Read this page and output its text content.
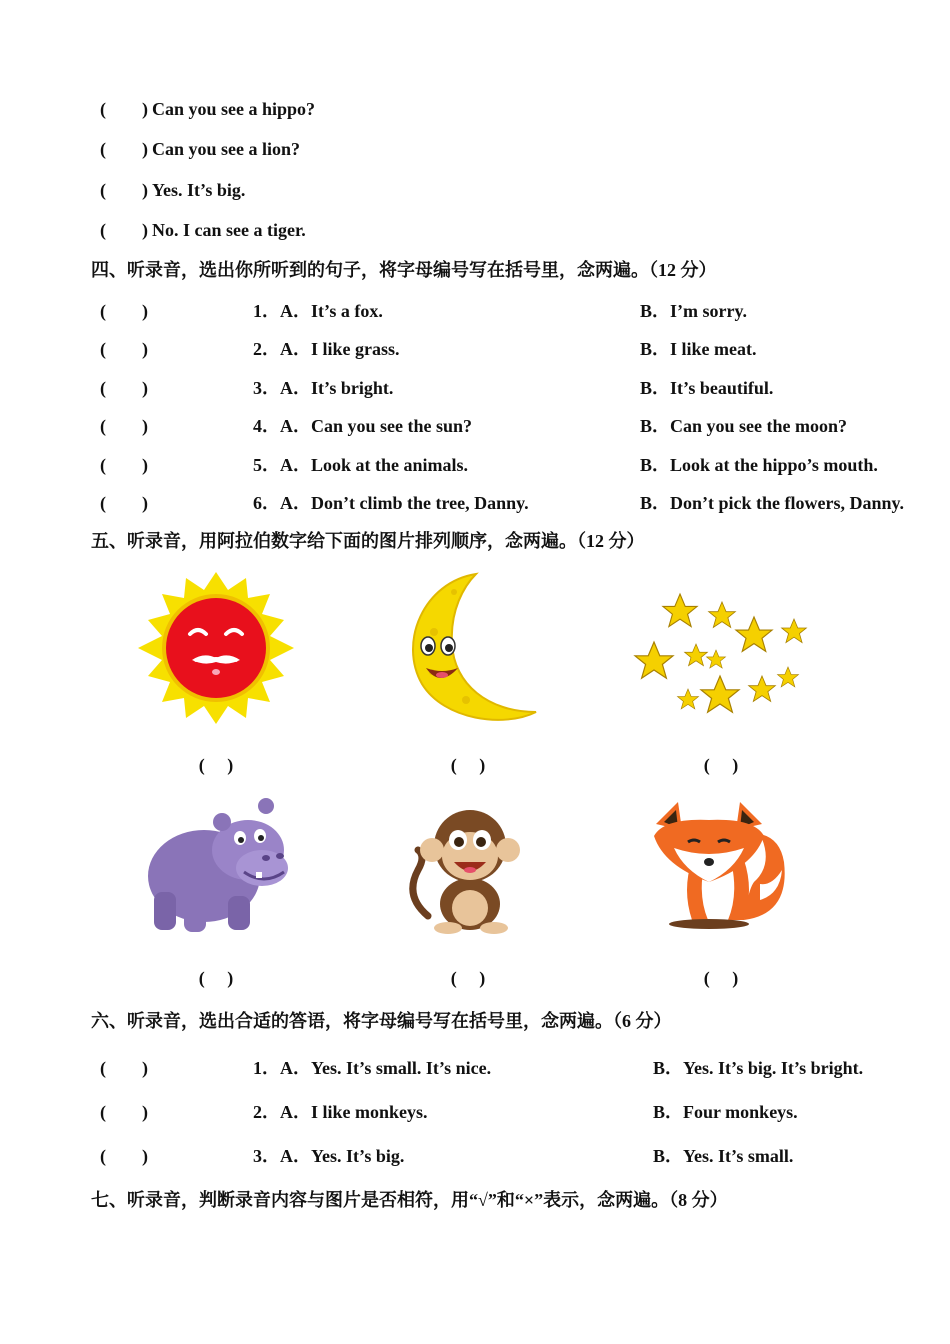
(　　) Can you see a hippo?
(　　) Can you see a lion?
(　　) Yes. It’s big.
(　　) No. I can see a tiger.
四、听录音，选出你所听到的句子，将字母编号写在括号里，念两遍。（12 分）
(　　)	1．A．It’s a fox.	B．I’m sorry.
(　　)	2．A．I like grass.	B．I like meat.
(　　)	3．A．It’s bright.	B．It’s beautiful.
(　　)	4．A．Can you see the sun?	B．Can you see the moon?
(　　)	5．A．Look at the animals.	B．Look at the hippo’s mouth.
(　　)	6．A．Don’t climb the tree, Danny.	B．Don’t pick the flowers, Danny.
五、听录音，用阿拉伯数字给下面的图片排列顺序，念两遍。（12 分）
(　 )	(　 )	(　 )
(　 )	(　 )	(　 )
六、听录音，选出合适的答语，将字母编号写在括号里，念两遍。（6 分）
(　　)	1．A．Yes. It’s small. It’s nice.	B．Yes. It’s big. It’s bright.
(　　)	2．A．I like monkeys.	B．Four monkeys.
(　　)	3．A．Yes. It’s big.	B．Yes. It’s small.
七、听录音，判断录音内容与图片是否相符，用“√”和“×”表示，念两遍。（8 分）
